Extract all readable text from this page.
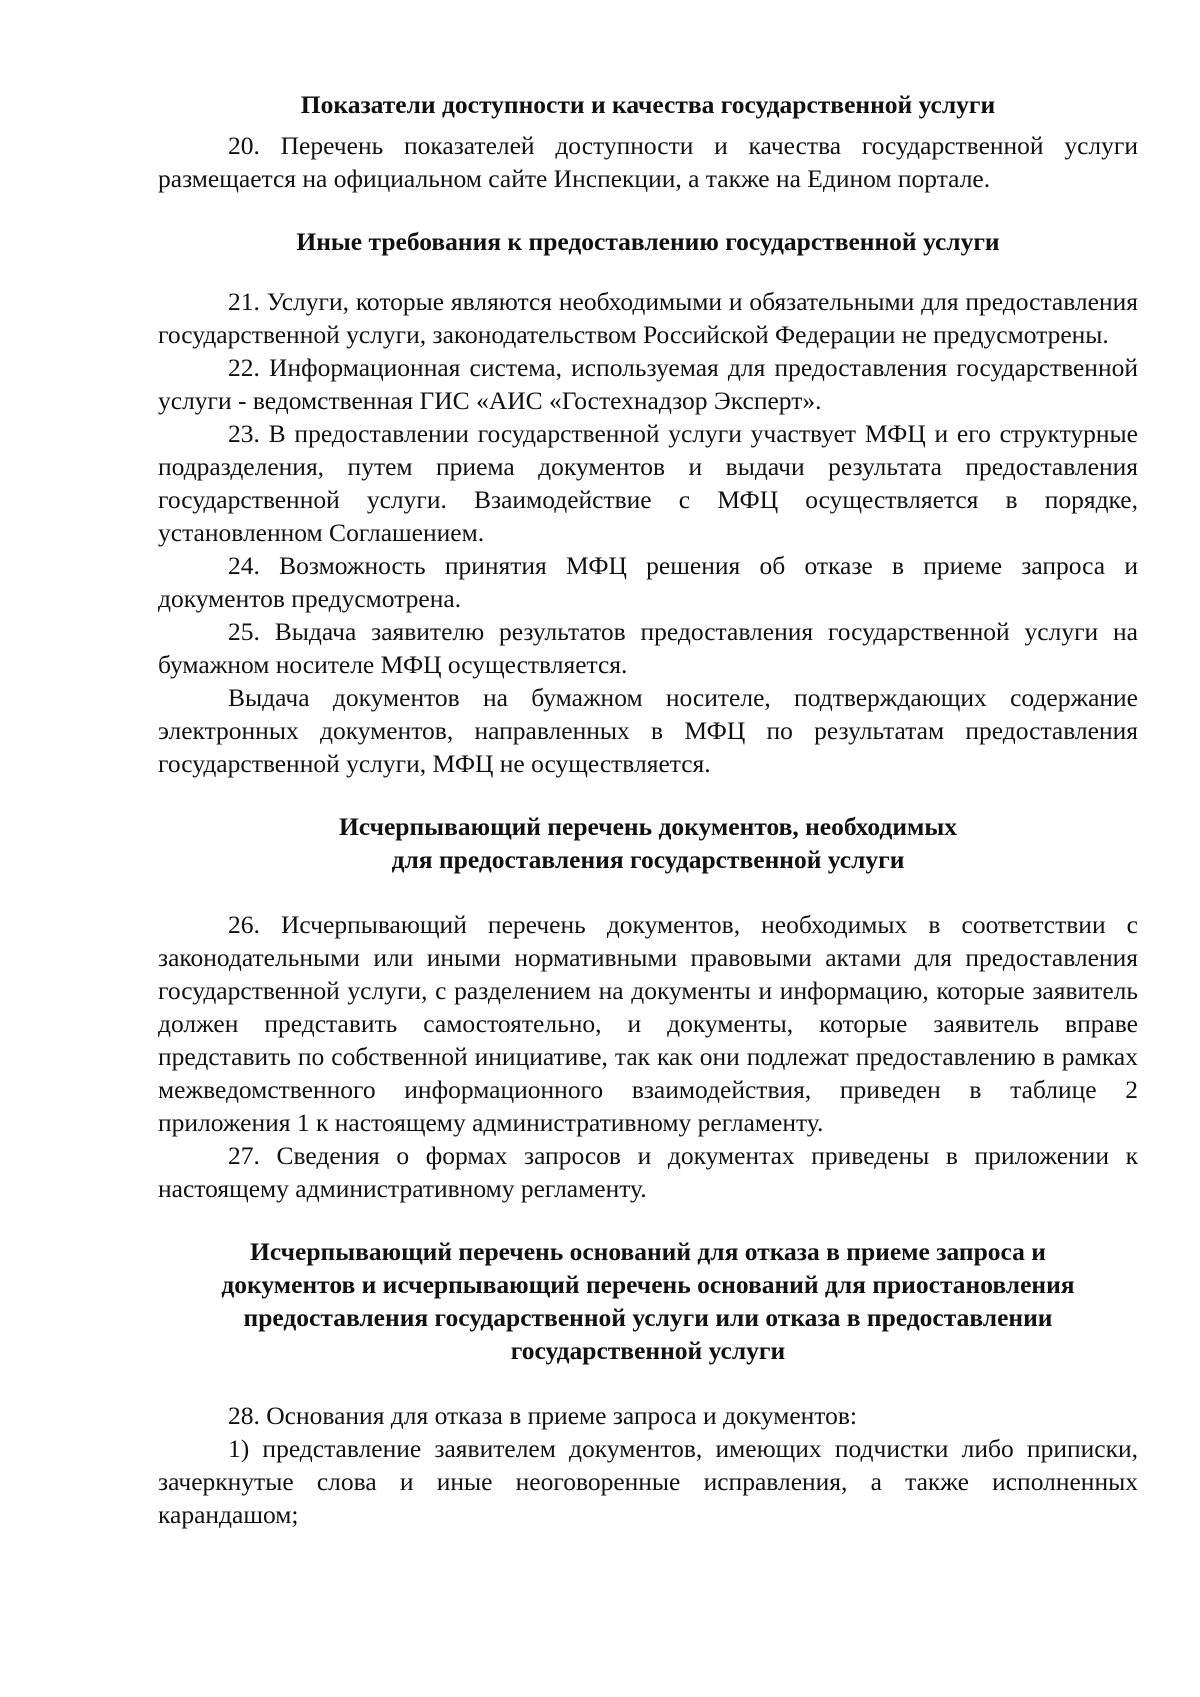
Показатели доступности и качества государственной услуги

20. Перечень показателей доступности и качества государственной услуги размещается на официальном сайте Инспекции, а также на Едином портале.

Иные требования к предоставлению государственной услуги

21. Услуги, которые являются необходимыми и обязательными для предоставления государственной услуги, законодательством Российской Федерации не предусмотрены.

22. Информационная система, используемая для предоставления государственной услуги - ведомственная ГИС «АИС «Гостехнадзор Эксперт».

23. В предоставлении государственной услуги участвует МФЦ и его структурные подразделения, путем приема документов и выдачи результата предоставления государственной услуги. Взаимодействие с МФЦ осуществляется в порядке, установленном Соглашением.

24. Возможность принятия МФЦ решения об отказе в приеме запроса и документов предусмотрена.

25. Выдача заявителю результатов предоставления государственной услуги на бумажном носителе МФЦ осуществляется.

Выдача документов на бумажном носителе, подтверждающих содержание электронных документов, направленных в МФЦ по результатам предоставления государственной услуги, МФЦ не осуществляется.

Исчерпывающий перечень документов, необходимых
для предоставления государственной услуги

26. Исчерпывающий перечень документов, необходимых в соответствии с законодательными или иными нормативными правовыми актами для предоставления государственной услуги, с разделением на документы и информацию, которые заявитель должен представить самостоятельно, и документы, которые заявитель вправе представить по собственной инициативе, так как они подлежат предоставлению в рамках межведомственного информационного взаимодействия, приведен в таблице 2 приложения 1 к настоящему административному регламенту.

27. Сведения о формах запросов и документах приведены в приложении к настоящему административному регламенту.

Исчерпывающий перечень оснований для отказа в приеме запроса и
документов и исчерпывающий перечень оснований для приостановления
предоставления государственной услуги или отказа в предоставлении
государственной услуги

28. Основания для отказа в приеме запроса и документов:

1) представление заявителем документов, имеющих подчистки либо приписки, зачеркнутые слова и иные неоговоренные исправления, а также исполненных карандашом;
